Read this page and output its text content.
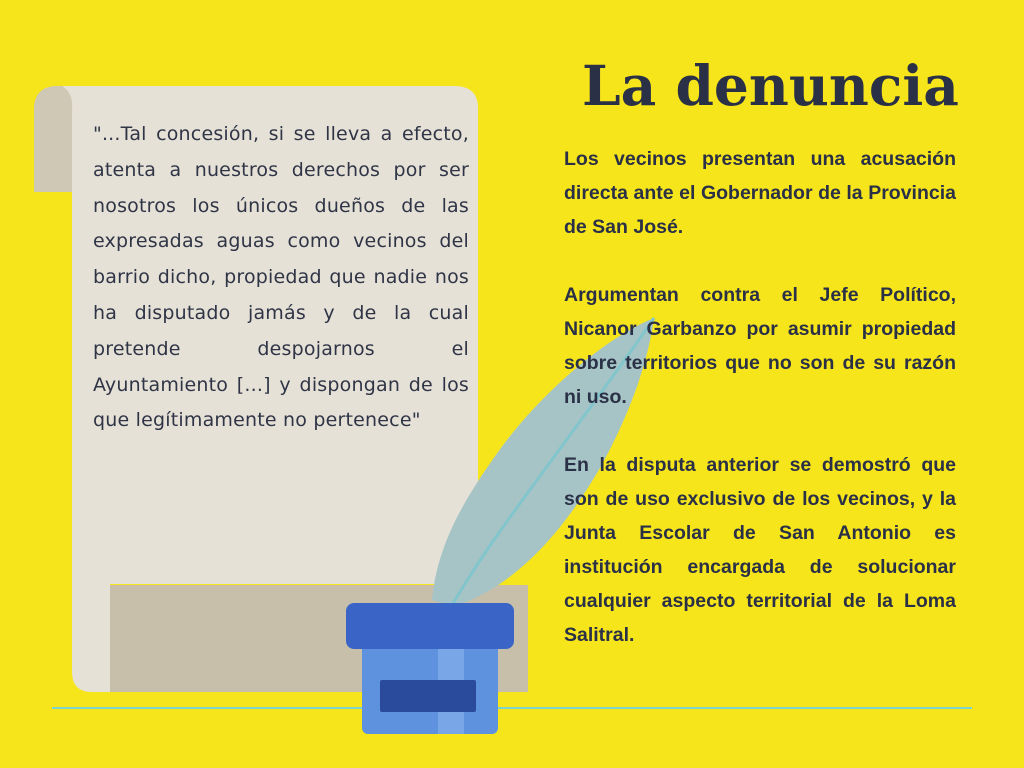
"...Tal concesión, si se lleva a efecto, atenta a nuestros derechos por ser nosotros los únicos dueños de las expresadas aguas como vecinos del barrio dicho, propiedad que nadie nos ha disputado jamás y de la cual pretende despojarnos el Ayuntamiento [...] y dispongan de los que legítimamente no pertenece"

La denuncia

Los vecinos presentan una acusación directa ante el Gobernador de la Provincia de San José.

Argumentan contra el Jefe Político, Nicanor Garbanzo por asumir propiedad sobre territorios que no son de su razón ni uso.

En la disputa anterior se demostró que son de uso exclusivo de los vecinos, y la Junta Escolar de San Antonio es institución encargada de solucionar cualquier aspecto territorial de la Loma Salitral.
